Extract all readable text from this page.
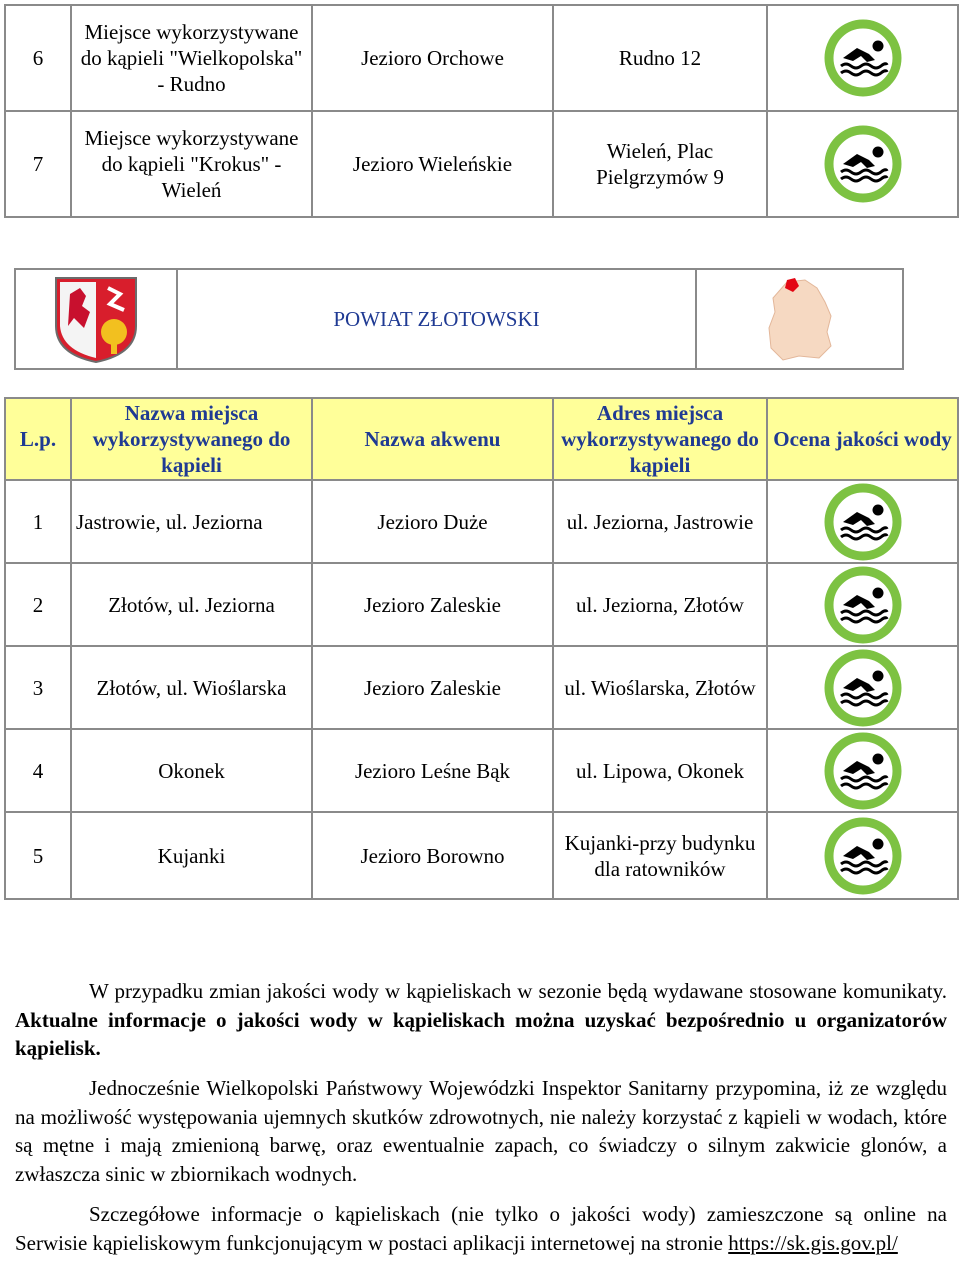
6	Miejsce wykorzystywane do kąpieli "Wielkopolska" - Rudno	Jezioro Orchowe	Rudno 12	

7	Miejsce wykorzystywane do kąpieli "Krokus" - Wieleń	Jezioro Wieleńskie	Wieleń, Plac Pielgrzymów 9	
	POWIAT ZŁOTOWSKI	
L.p.	Nazwa miejsca wykorzystywanego do kąpieli	Nazwa akwenu	Adres miejsca wykorzystywanego do kąpieli	Ocena jakości wody
1	Jastrowie, ul. Jeziorna	Jezioro Duże	ul. Jeziorna, Jastrowie	

2	Złotów, ul. Jeziorna	Jezioro Zaleskie	ul. Jeziorna, Złotów	

3	Złotów, ul. Wioślarska	Jezioro Zaleskie	ul. Wioślarska, Złotów	

4	Okonek	Jezioro Leśne Bąk	ul. Lipowa, Okonek	

5	Kujanki	Jezioro Borowno	Kujanki-przy budynku dla ratowników	
W przypadku zmian jakości wody w kąpieliskach w sezonie będą wydawane stosowane komunikaty. Aktualne informacje o jakości wody w kąpieliskach można uzyskać bezpośrednio u organizatorów kąpielisk.
Jednocześnie Wielkopolski Państwowy Wojewódzki Inspektor Sanitarny przypomina, iż ze względu na możliwość występowania ujemnych skutków zdrowotnych, nie należy korzystać z kąpieli w wodach, które są mętne i mają zmienioną barwę, oraz ewentualnie zapach, co świadczy o silnym zakwicie glonów, a zwłaszcza sinic w zbiornikach wodnych.
Szczegółowe informacje o kąpieliskach (nie tylko o jakości wody) zamieszczone są online na Serwisie kąpieliskowym funkcjonującym w postaci aplikacji internetowej na stronie https://sk.gis.gov.pl/
